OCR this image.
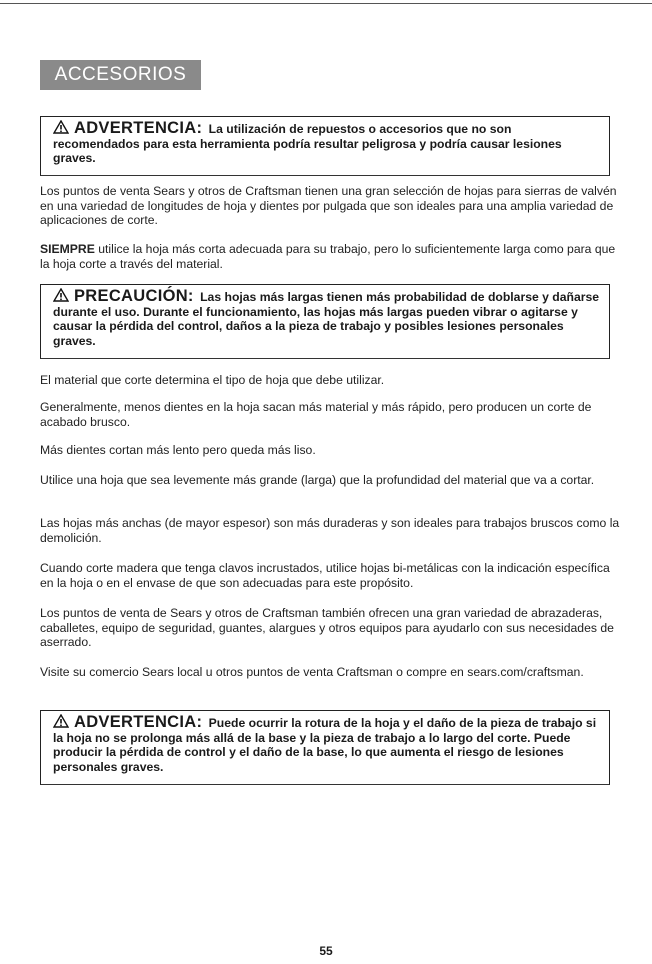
ACCESORIOS
ADVERTENCIA: La utilización de repuestos o accesorios que no son recomendados para esta herramienta podría resultar peligrosa y podría causar lesiones graves.
Los puntos de venta Sears y otros de Craftsman tienen una gran selección de hojas para sierras de valvén en una variedad de longitudes de hoja y dientes por pulgada que son ideales para una amplia variedad de aplicaciones de corte.
SIEMPRE utilice la hoja más corta adecuada para su trabajo, pero lo suficientemente larga como para que la hoja corte a través del material.
PRECAUCIÓN: Las hojas más largas tienen más probabilidad de doblarse y dañarse durante el uso. Durante el funcionamiento, las hojas más largas pueden vibrar o agitarse y causar la pérdida del control, daños a la pieza de trabajo y posibles lesiones personales graves.
El material que corte determina el tipo de hoja que debe utilizar.
Generalmente, menos dientes en la hoja sacan más material y más rápido, pero producen un corte de acabado brusco.
Más dientes cortan más lento pero queda más liso.
Utilice una hoja que sea levemente más grande (larga) que la profundidad del material que va a cortar.
Las hojas más anchas (de mayor espesor) son más duraderas y son ideales para trabajos bruscos como la demolición.
Cuando corte madera que tenga clavos incrustados, utilice hojas bi-metálicas con la indicación específica en la hoja o en el envase de que son adecuadas para este propósito.
Los puntos de venta de Sears y otros de Craftsman también ofrecen una gran variedad de abrazaderas, caballetes, equipo de seguridad, guantes, alargues y otros equipos para ayudarlo con sus necesidades de aserrado.
Visite su comercio Sears local u otros puntos de venta Craftsman o compre en sears.com/craftsman.
ADVERTENCIA: Puede ocurrir la rotura de la hoja y el daño de la pieza de trabajo si la hoja no se prolonga más allá de la base y la pieza de trabajo a lo largo del corte. Puede producir la pérdida de control y el daño de la base, lo que aumenta el riesgo de lesiones personales graves.
55
